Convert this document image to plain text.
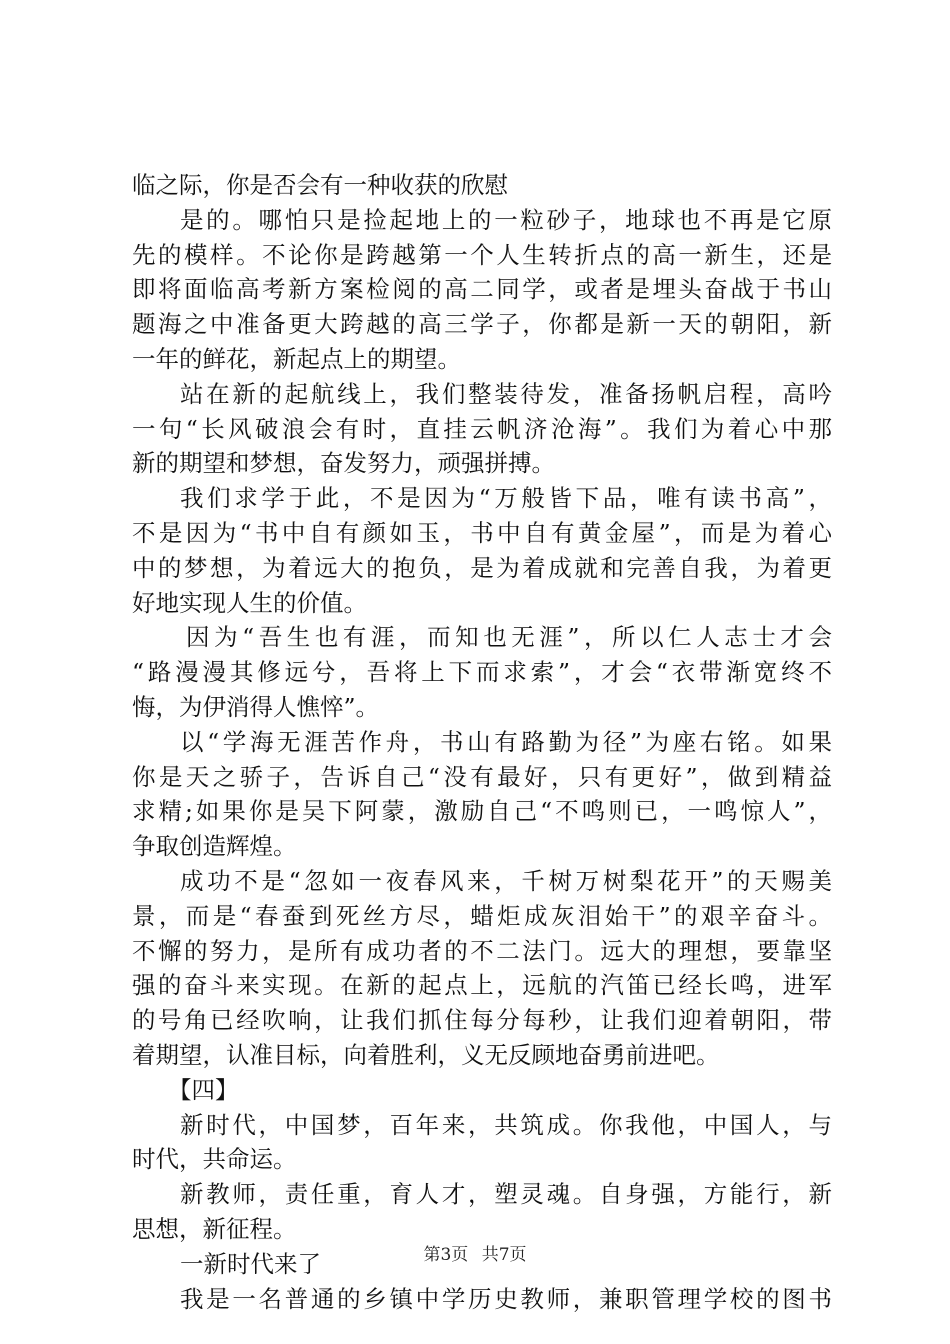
临之际，你是否会有一种收获的欣慰
是的。哪怕只是捡起地上的一粒砂子，地球也不再是它原
先的模样。不论你是跨越第一个人生转折点的高一新生，还是
即将面临高考新方案检阅的高二同学，或者是埋头奋战于书山
题海之中准备更大跨越的高三学子，你都是新一天的朝阳，新
一年的鲜花，新起点上的期望。
站在新的起航线上，我们整装待发，准备扬帆启程，高吟
一句“长风破浪会有时，直挂云帆济沧海”。我们为着心中那
新的期望和梦想，奋发努力，顽强拼搏。
我们求学于此，不是因为“万般皆下品，唯有读书高”，
不是因为“书中自有颜如玉，书中自有黄金屋”，而是为着心
中的梦想，为着远大的抱负，是为着成就和完善自我，为着更
好地实现人生的价值。
因为“吾生也有涯，而知也无涯”，所以仁人志士才会
“路漫漫其修远兮，吾将上下而求索”，才会“衣带渐宽终不
悔，为伊消得人憔悴”。
以“学海无涯苦作舟，书山有路勤为径”为座右铭。如果
你是天之骄子，告诉自己“没有最好，只有更好”，做到精益
求精;如果你是吴下阿蒙，激励自己“不鸣则已，一鸣惊人”，
争取创造辉煌。
成功不是“忽如一夜春风来，千树万树梨花开”的天赐美
景，而是“春蚕到死丝方尽，蜡炬成灰泪始干”的艰辛奋斗。
不懈的努力，是所有成功者的不二法门。远大的理想，要靠坚
强的奋斗来实现。在新的起点上，远航的汽笛已经长鸣，进军
的号角已经吹响，让我们抓住每分每秒，让我们迎着朝阳，带
着期望，认准目标，向着胜利，义无反顾地奋勇前进吧。
【四】
新时代，中国梦，百年来，共筑成。你我他，中国人，与
时代，共命运。
新教师，责任重，育人才，塑灵魂。自身强，方能行，新
思想，新征程。
一新时代来了
我是一名普通的乡镇中学历史教师，兼职管理学校的图书
第3页 共7页
